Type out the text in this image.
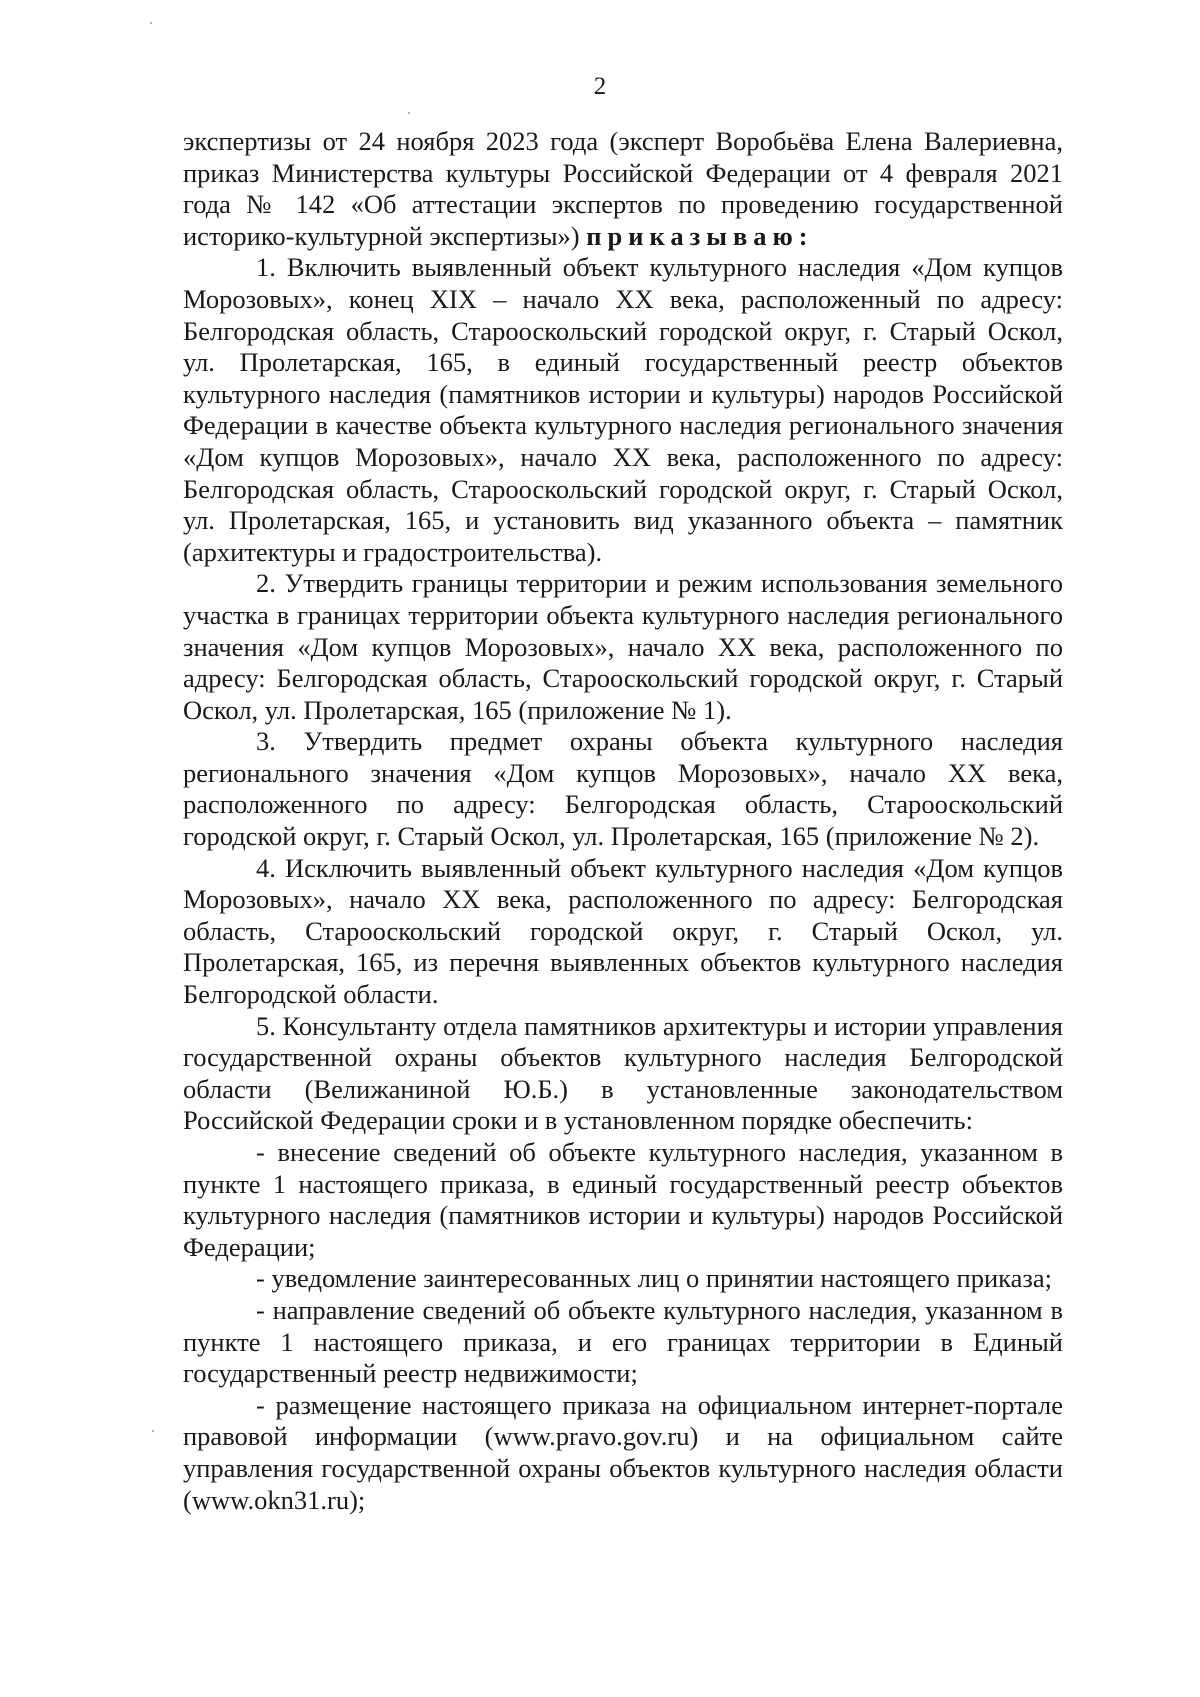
2

экспертизы от 24 ноября 2023 года (эксперт Воробьёва Елена Валериевна, приказ Министерства культуры Российской Федерации от 4 февраля 2021 года № 142 «Об аттестации экспертов по проведению государственной историко-культурной экспертизы») приказываю:

1. Включить выявленный объект культурного наследия «Дом купцов Морозовых», конец XIX – начало XX века, расположенный по адресу: Белгородская область, Старооскольский городской округ, г. Старый Оскол, ул. Пролетарская, 165, в единый государственный реестр объектов культурного наследия (памятников истории и культуры) народов Российской Федерации в качестве объекта культурного наследия регионального значения «Дом купцов Морозовых», начало XX века, расположенного по адресу: Белгородская область, Старооскольский городской округ, г. Старый Оскол, ул. Пролетарская, 165, и установить вид указанного объекта – памятник (архитектуры и градостроительства).

2. Утвердить границы территории и режим использования земельного участка в границах территории объекта культурного наследия регионального значения «Дом купцов Морозовых», начало XX века, расположенного по адресу: Белгородская область, Старооскольский городской округ, г. Старый Оскол, ул. Пролетарская, 165 (приложение № 1).

3. Утвердить предмет охраны объекта культурного наследия регионального значения «Дом купцов Морозовых», начало XX века, расположенного по адресу: Белгородская область, Старооскольский городской округ, г. Старый Оскол, ул. Пролетарская, 165 (приложение № 2).

4. Исключить выявленный объект культурного наследия «Дом купцов Морозовых», начало XX века, расположенного по адресу: Белгородская область, Старооскольский городской округ, г. Старый Оскол, ул. Пролетарская, 165, из перечня выявленных объектов культурного наследия Белгородской области.

5. Консультанту отдела памятников архитектуры и истории управления государственной охраны объектов культурного наследия Белгородской области (Велижаниной Ю.Б.) в установленные законодательством Российской Федерации сроки и в установленном порядке обеспечить:

- внесение сведений об объекте культурного наследия, указанном в пункте 1 настоящего приказа, в единый государственный реестр объектов культурного наследия (памятников истории и культуры) народов Российской Федерации;

- уведомление заинтересованных лиц о принятии настоящего приказа;

- направление сведений об объекте культурного наследия, указанном в пункте 1 настоящего приказа, и его границах территории в Единый государственный реестр недвижимости;

- размещение настоящего приказа на официальном интернет-портале правовой информации (www.pravo.gov.ru) и на официальном сайте управления государственной охраны объектов культурного наследия области (www.okn31.ru);
